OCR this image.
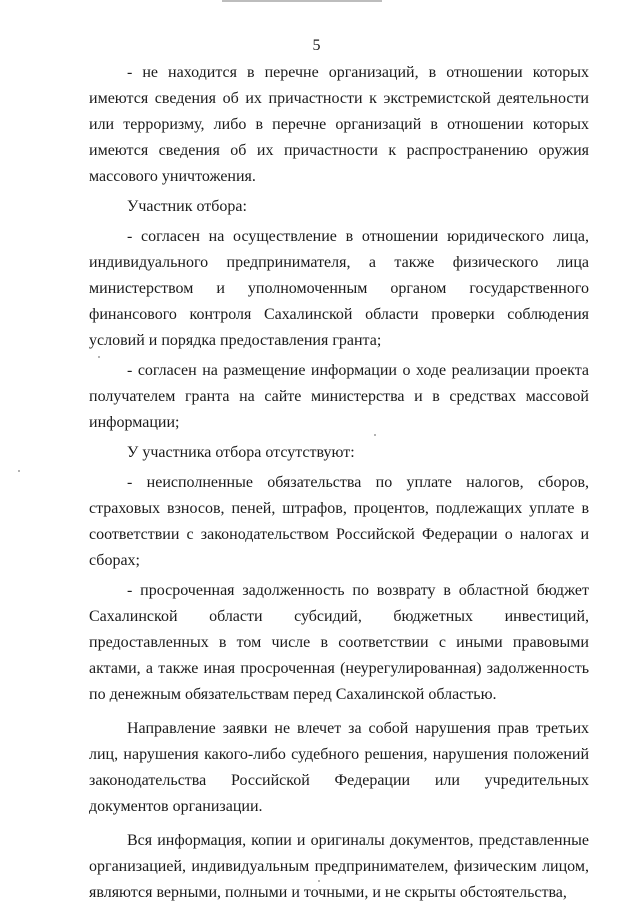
5

- не находится в перечне организаций, в отношении которых имеются сведения об их причастности к экстремистской деятельности или терроризму, либо в перечне организаций в отношении которых имеются сведения об их причастности к распространению оружия массового уничтожения.

Участник отбора:

- согласен на осуществление в отношении юридического лица, индивидуального предпринимателя, а также физического лица министерством и уполномоченным органом государственного финансового контроля Сахалинской области проверки соблюдения условий и порядка предоставления гранта;

- согласен на размещение информации о ходе реализации проекта получателем гранта на сайте министерства и в средствах массовой информации;

У участника отбора отсутствуют:

- неисполненные обязательства по уплате налогов, сборов, страховых взносов, пеней, штрафов, процентов, подлежащих уплате в соответствии с законодательством Российской Федерации о налогах и сборах;

- просроченная задолженность по возврату в областной бюджет Сахалинской области субсидий, бюджетных инвестиций, предоставленных в том числе в соответствии с иными правовыми актами, а также иная просроченная (неурегулированная) задолженность по денежным обязательствам перед Сахалинской областью.

Направление заявки не влечет за собой нарушения прав третьих лиц, нарушения какого-либо судебного решения, нарушения положений законодательства Российской Федерации или учредительных документов организации.

Вся информация, копии и оригиналы документов, представленные организацией, индивидуальным предпринимателем, физическим лицом, являются верными, полными и точными, и не скрыты обстоятельства,
